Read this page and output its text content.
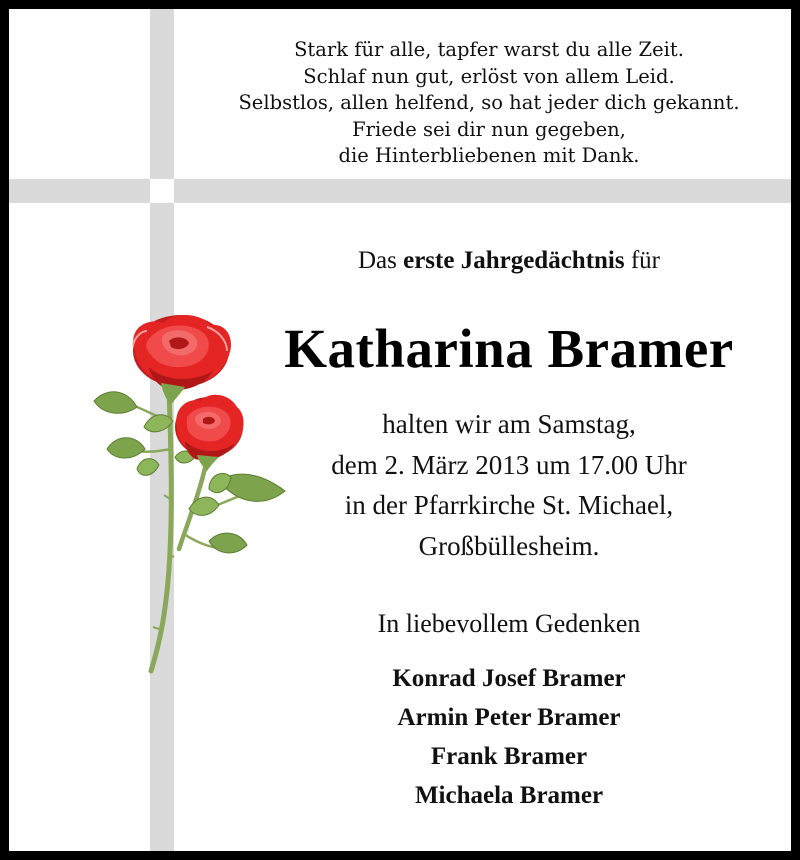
Stark für alle, tapfer warst du alle Zeit.
Schlaf nun gut, erlöst von allem Leid.
Selbstlos, allen helfend, so hat jeder dich gekannt.
Friede sei dir nun gegeben,
die Hinterbliebenen mit Dank.
Das erste Jahrgedächtnis für
Katharina Bramer
halten wir am Samstag,
dem 2. März 2013 um 17.00 Uhr
in der Pfarrkirche St. Michael,
Großbüllesheim.
In liebevollem Gedenken
Konrad Josef Bramer
Armin Peter Bramer
Frank Bramer
Michaela Bramer
